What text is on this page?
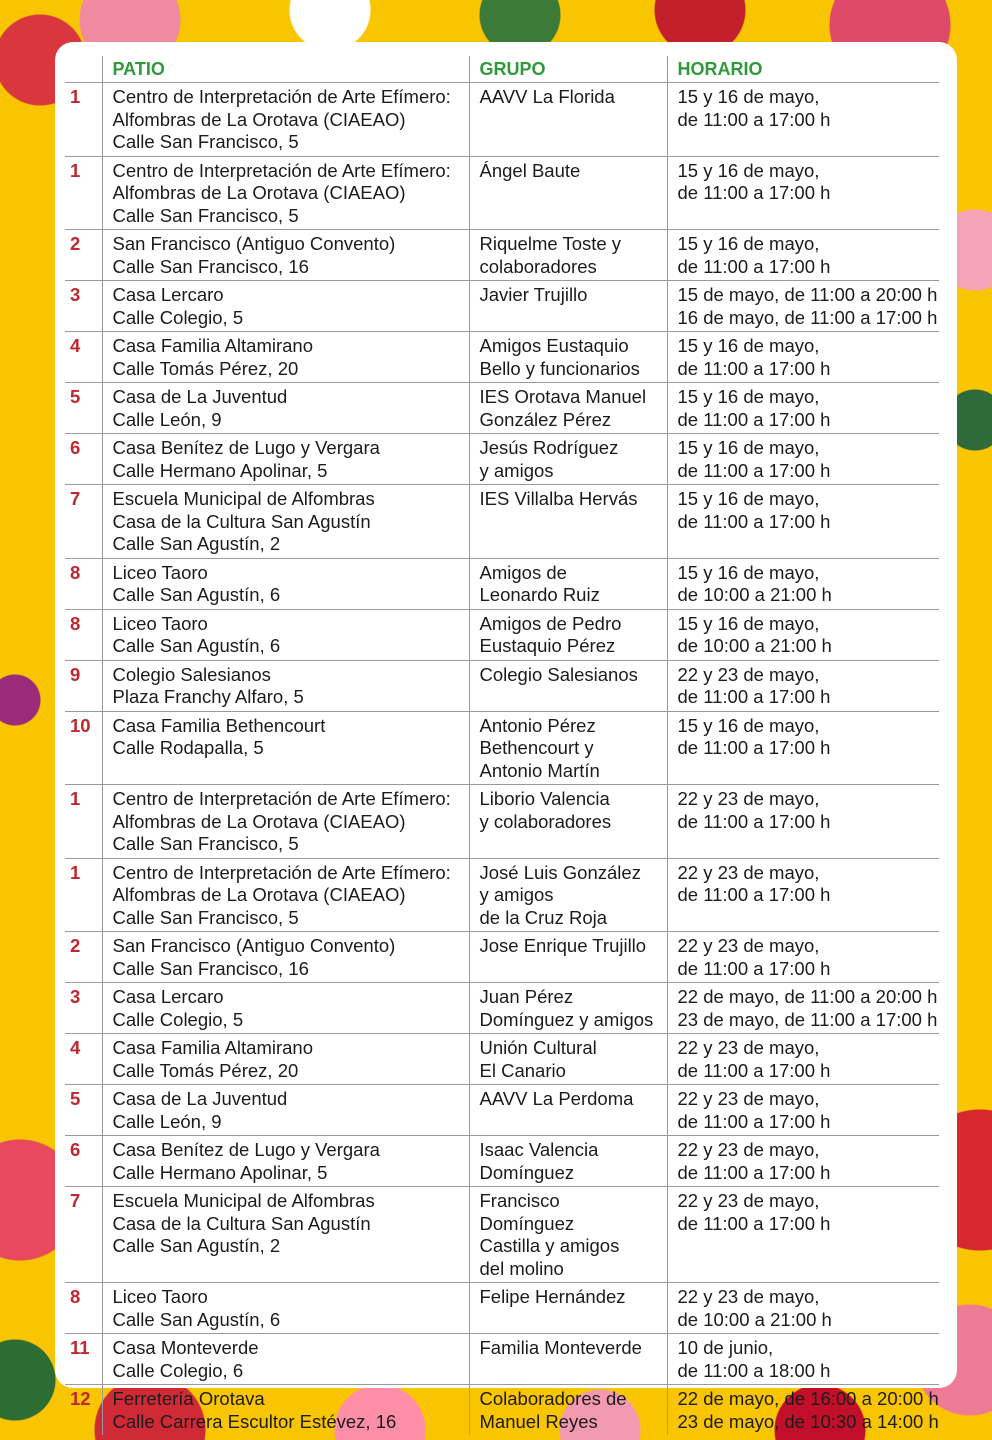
	PATIO	GRUPO	HORARIO
1	Centro de Interpretación de Arte Efímero:
Alfombras de La Orotava (CIAEAO)
Calle San Francisco, 5	AAVV La Florida	15 y 16 de mayo,
de 11:00 a 17:00 h
1	Centro de Interpretación de Arte Efímero:
Alfombras de La Orotava (CIAEAO)
Calle San Francisco, 5	Ángel Baute	15 y 16 de mayo,
de 11:00 a 17:00 h
2	San Francisco (Antiguo Convento)
Calle San Francisco, 16	Riquelme Toste y
colaboradores	15 y 16 de mayo,
de 11:00 a 17:00 h
3	Casa Lercaro
Calle Colegio, 5	Javier Trujillo	15 de mayo, de 11:00 a 20:00 h
16 de mayo, de 11:00 a 17:00 h
4	Casa Familia Altamirano
Calle Tomás Pérez, 20	Amigos Eustaquio
Bello y funcionarios	15 y 16 de mayo,
de 11:00 a 17:00 h
5	Casa de La Juventud
Calle León, 9	IES Orotava Manuel
González Pérez	15 y 16 de mayo,
de 11:00 a 17:00 h
6	Casa Benítez de Lugo y Vergara
Calle Hermano Apolinar, 5	Jesús Rodríguez
y amigos	15 y 16 de mayo,
de 11:00 a 17:00 h
7	Escuela Municipal de Alfombras
Casa de la Cultura San Agustín
Calle San Agustín, 2	IES Villalba Hervás	15 y 16 de mayo,
de 11:00 a 17:00 h
8	Liceo Taoro
Calle San Agustín, 6	Amigos de
Leonardo Ruiz	15 y 16 de mayo,
de 10:00 a 21:00 h
8	Liceo Taoro
Calle San Agustín, 6	Amigos de Pedro
Eustaquio Pérez	15 y 16 de mayo,
de 10:00 a 21:00 h
9	Colegio Salesianos
Plaza Franchy Alfaro, 5	Colegio Salesianos	22 y 23 de mayo,
de 11:00 a 17:00 h
10	Casa Familia Bethencourt
Calle Rodapalla, 5	Antonio Pérez
Bethencourt y
Antonio Martín	15 y 16 de mayo,
de 11:00 a 17:00 h
1	Centro de Interpretación de Arte Efímero:
Alfombras de La Orotava (CIAEAO)
Calle San Francisco, 5	Liborio Valencia
y colaboradores	22 y 23 de mayo,
de 11:00 a 17:00 h
1	Centro de Interpretación de Arte Efímero:
Alfombras de La Orotava (CIAEAO)
Calle San Francisco, 5	José Luis González
y amigos
de la Cruz Roja	22 y 23 de mayo,
de 11:00 a 17:00 h
2	San Francisco (Antiguo Convento)
Calle San Francisco, 16	Jose Enrique Trujillo	22 y 23 de mayo,
de 11:00 a 17:00 h
3	Casa Lercaro
Calle Colegio, 5	Juan Pérez
Domínguez y amigos	22 de mayo, de 11:00 a 20:00 h
23 de mayo, de 11:00 a 17:00 h
4	Casa Familia Altamirano
Calle Tomás Pérez, 20	Unión Cultural
El Canario	22 y 23 de mayo,
de 11:00 a 17:00 h
5	Casa de La Juventud
Calle León, 9	AAVV La Perdoma	22 y 23 de mayo,
de 11:00 a 17:00 h
6	Casa Benítez de Lugo y Vergara
Calle Hermano Apolinar, 5	Isaac Valencia
Domínguez	22 y 23 de mayo,
de 11:00 a 17:00 h
7	Escuela Municipal de Alfombras
Casa de la Cultura San Agustín
Calle San Agustín, 2	Francisco Domínguez
Castilla y amigos
del molino	22 y 23 de mayo,
de 11:00 a 17:00 h
8	Liceo Taoro
Calle San Agustín, 6	Felipe Hernández	22 y 23 de mayo,
de 10:00 a 21:00 h
11	Casa Monteverde
Calle Colegio, 6	Familia Monteverde	10 de junio,
de 11:00 a 18:00 h
12	Ferretería Orotava
Calle Carrera Escultor Estévez, 16	Colaboradores de
Manuel Reyes	22 de mayo, de 16:00 a 20:00 h
23 de mayo, de 10:30 a 14:00 h
